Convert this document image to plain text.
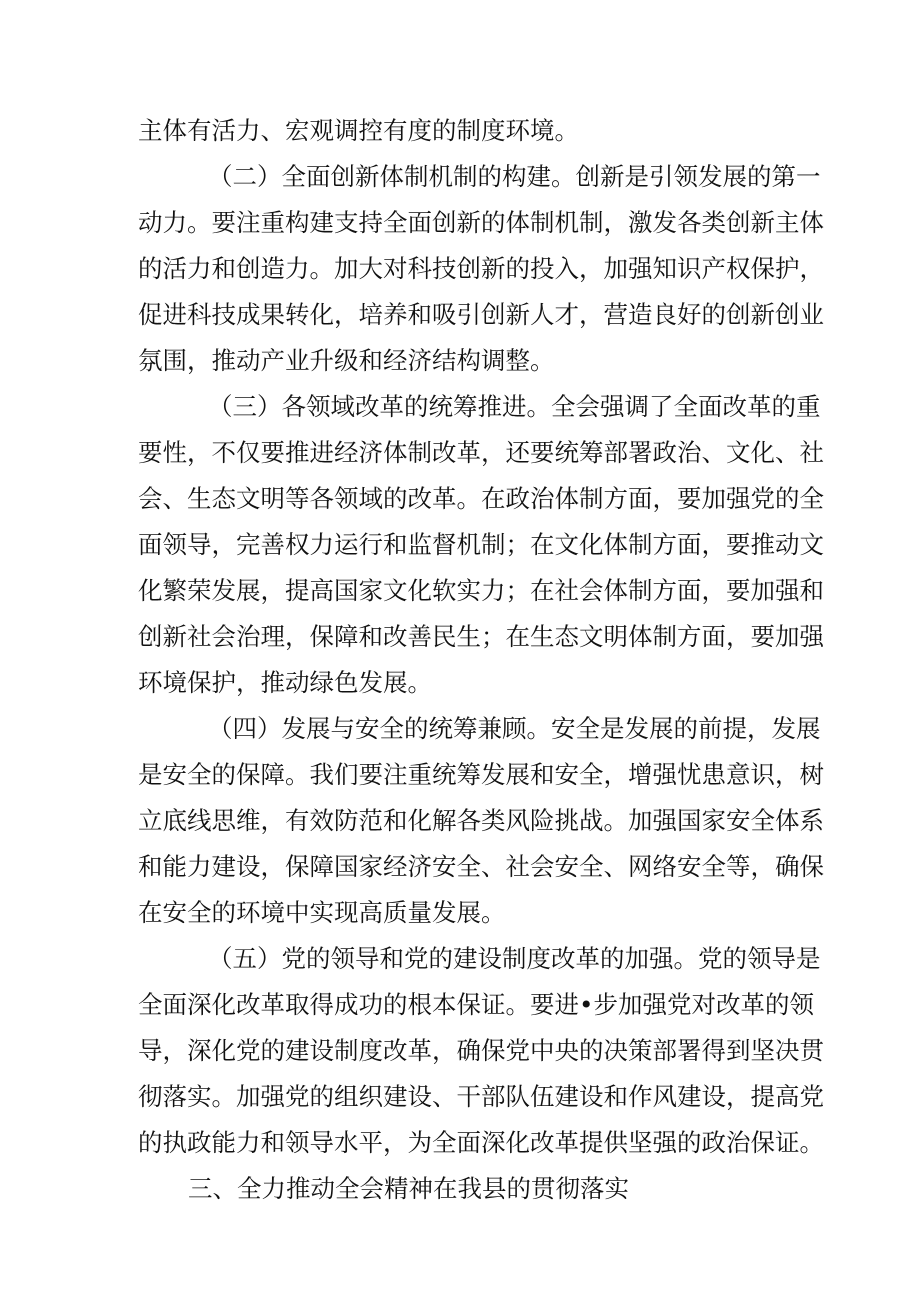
主体有活力、宏观调控有度的制度环境。
（二）全面创新体制机制的构建。创新是引领发展的第一
动力。要注重构建支持全面创新的体制机制，激发各类创新主体
的活力和创造力。加大对科技创新的投入，加强知识产权保护，
促进科技成果转化，培养和吸引创新人才，营造良好的创新创业
氛围，推动产业升级和经济结构调整。
（三）各领域改革的统筹推进。全会强调了全面改革的重
要性，不仅要推进经济体制改革，还要统筹部署政治、文化、社
会、生态文明等各领域的改革。在政治体制方面，要加强党的全
面领导，完善权力运行和监督机制；在文化体制方面，要推动文
化繁荣发展，提高国家文化软实力；在社会体制方面，要加强和
创新社会治理，保障和改善民生；在生态文明体制方面，要加强
环境保护，推动绿色发展。
（四）发展与安全的统筹兼顾。安全是发展的前提，发展
是安全的保障。我们要注重统筹发展和安全，增强忧患意识，树
立底线思维，有效防范和化解各类风险挑战。加强国家安全体系
和能力建设，保障国家经济安全、社会安全、网络安全等，确保
在安全的环境中实现高质量发展。
（五）党的领导和党的建设制度改革的加强。党的领导是
全面深化改革取得成功的根本保证。要进•步加强党对改革的领
导，深化党的建设制度改革，确保党中央的决策部署得到坚决贯
彻落实。加强党的组织建设、干部队伍建设和作风建设，提高党
的执政能力和领导水平，为全面深化改革提供坚强的政治保证。
三、全力推动全会精神在我县的贯彻落实
